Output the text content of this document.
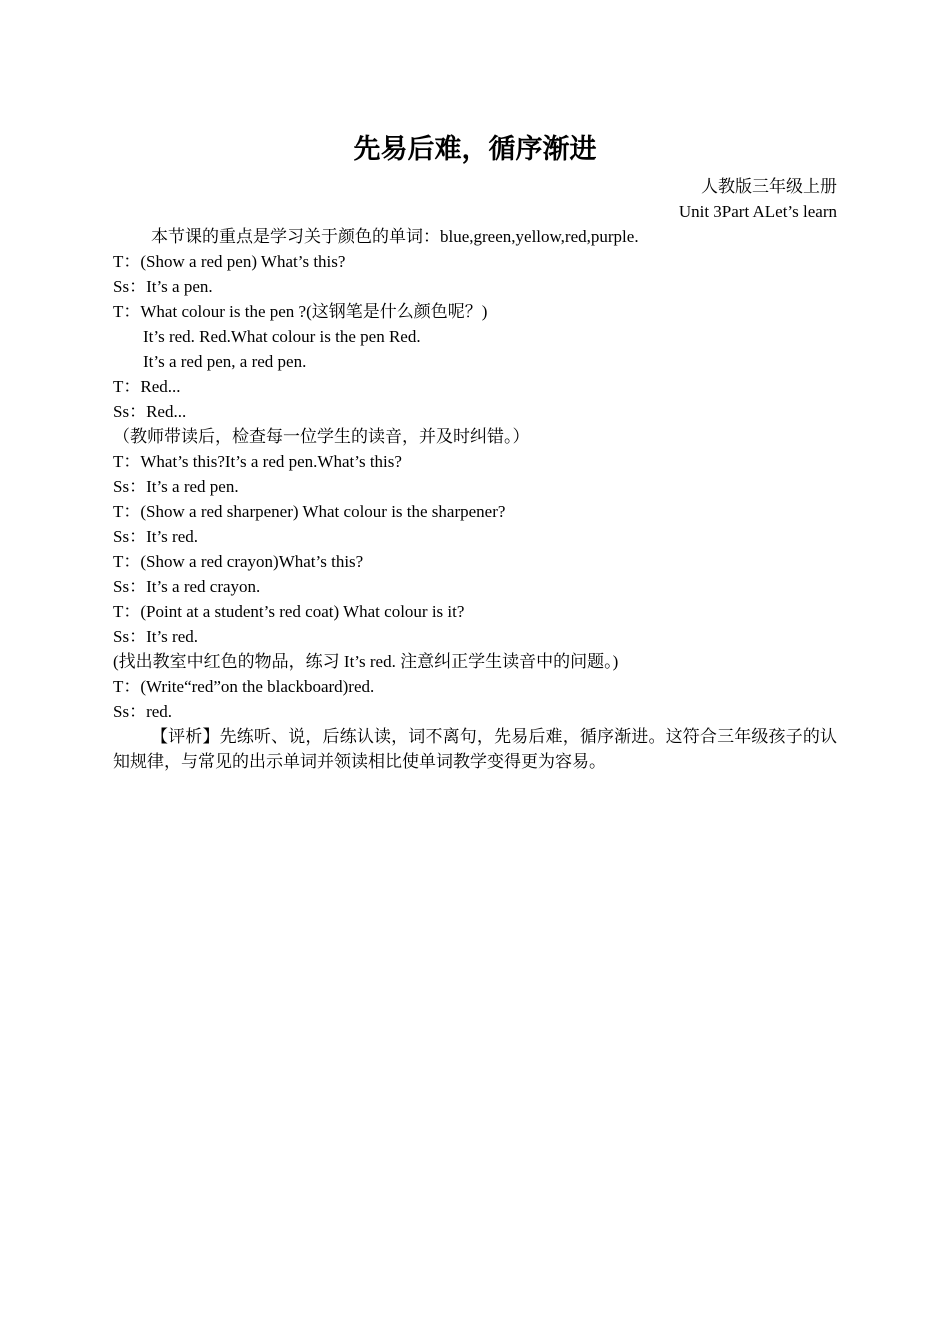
先易后难，循序渐进
人教版三年级上册
Unit 3Part ALet’s learn
本节课的重点是学习关于颜色的单词：blue,green,yellow,red,purple.
T：(Show a red pen) What’s this?
Ss：It’s a pen.
T：What colour is the pen ?(这钢笔是什么颜色呢？)
It’s red. Red.What colour is the pen Red.
It’s a red pen, a red pen.
T：Red...
Ss：Red...
（教师带读后，检查每一位学生的读音，并及时纠错。）
T：What’s this?It’s a red pen.What’s this?
Ss：It’s a red pen.
T：(Show a red sharpener) What colour is the sharpener?
Ss：It’s red.
T：(Show a red crayon)What’s this?
Ss：It’s a red crayon.
T：(Point at a student’s red coat) What colour is it?
Ss：It’s red.
(找出教室中红色的物品，练习 It’s red. 注意纠正学生读音中的问题。)
T：(Write“red”on the blackboard)red.
Ss：red.
【评析】先练听、说，后练认读，词不离句，先易后难，循序渐进。这符合三年级孩子的认知规律，与常见的出示单词并领读相比使单词教学变得更为容易。
